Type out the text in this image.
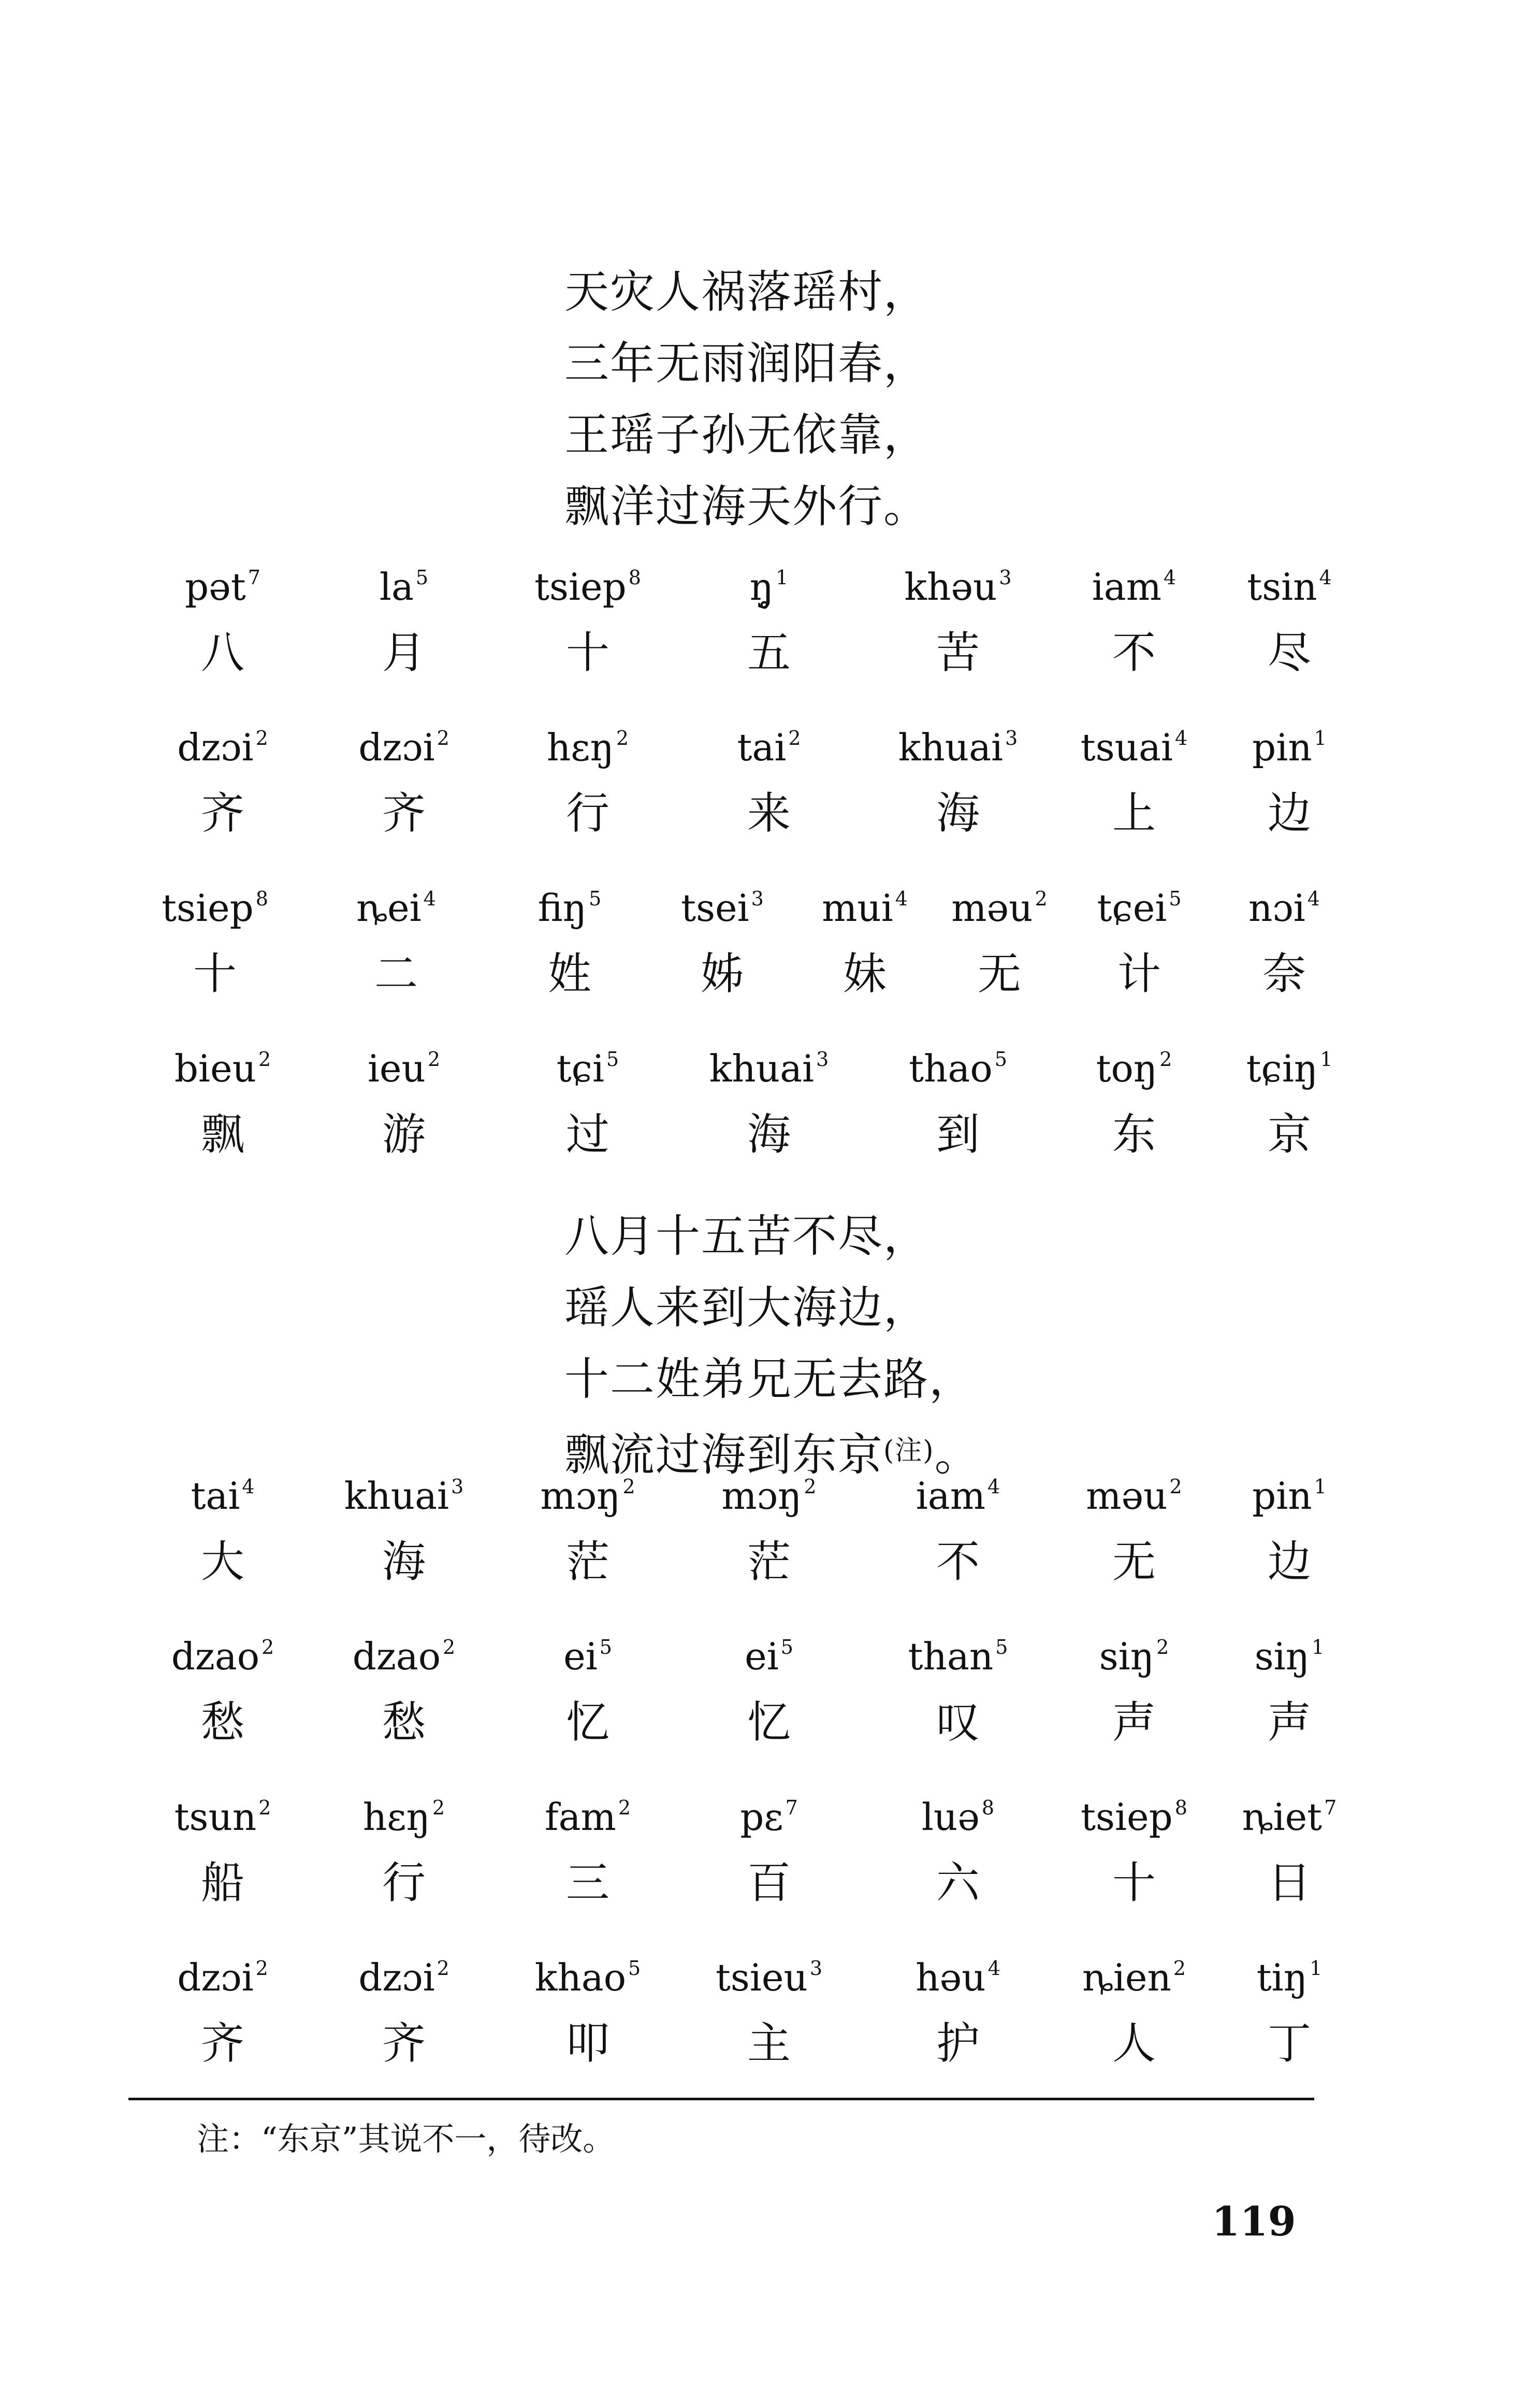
天灾人祸落瑶村，
三年无雨润阳春，
王瑶子孙无依靠，
飘洋过海天外行。
pət $^7$
八
la $^5$
月
tsiep $^8$
十
ŋ̥ $^1$
五
khəu $^3$
苦
iam $^4$
不
tsin $^4$
尽
dzɔi $^2$
齐
dzɔi $^2$
齐
hɛŋ $^2$
行
tai $^2$
来
khuai $^3$
海
tsuai $^4$
上
pin $^1$
边
tsiep $^8$
十
ȵei $^4$
二
fiŋ $^5$
姓
tsei $^3$
姊
mui $^4$
妹
məu $^2$
无
tɕei $^5$
计
nɔi $^4$
奈
bieu $^2$
飘
ieu $^2$
游
tɕi $^5$
过
khuai $^3$
海
thao $^5$
到
toŋ $^2$
东
tɕiŋ $^1$
京
八月十五苦不尽，
瑶人来到大海边，
十二姓弟兄无去路，
飘流过海到东京$^{(注)}$。
tai $^4$
大
khuai $^3$
海
mɔŋ $^2$
茫
mɔŋ $^2$
茫
iam $^4$
不
məu $^2$
无
pin $^1$
边
dzao $^2$
愁
dzao $^2$
愁
ei $^5$
忆
ei $^5$
忆
than $^5$
叹
siŋ $^2$
声
siŋ $^1$
声
tsun $^2$
船
hɛŋ $^2$
行
fam $^2$
三
pɛ $^7$
百
luə $^8$
六
tsiep $^8$
十
ȵiet $^7$
日
dzɔi $^2$
齐
dzɔi $^2$
齐
khao $^5$
叩
tsieu $^3$
主
həu $^4$
护
ȵien $^2$
人
tiŋ $^1$
丁
注：“东京”其说不一，待改。
119
